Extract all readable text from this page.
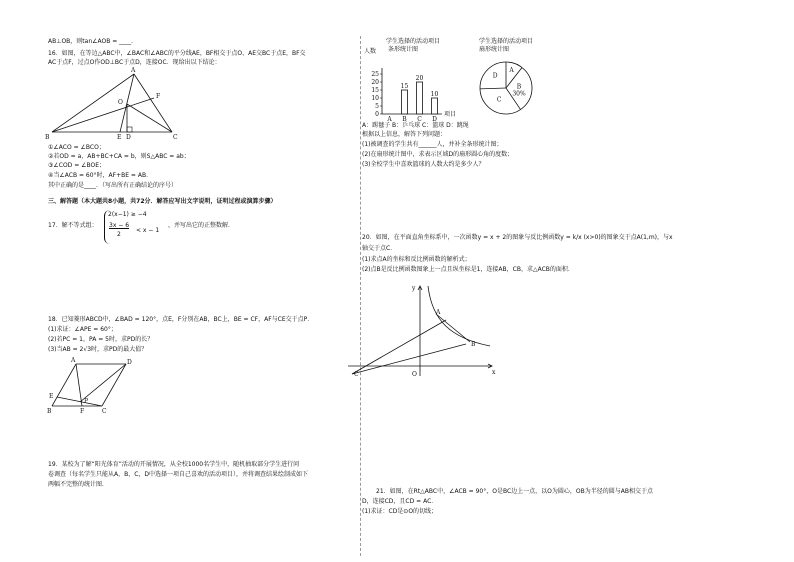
AB⊥OB，则tan∠AOB = ____.
16．如图，在等边△ABC中，∠BAC和∠ABC的平分线AE，BF相交于点O，AE交BC于点E，BF交
AC于点F，过点O作OD⊥BC于点D，连接OC．现给出以下结论：
A
B	C
O
F
E D
①∠ACO = ∠BCO；
②若OD = a，AB+BC+CA = b，则S△ABC = ab；
③∠COD = ∠BOE；
④当∠ACB = 60°时，AF+BE = AB．
其中正确的是____．（写出所有正确结论的序号）
三、解答题（本大题共8小题，共72分．解答应写出文字说明，证明过程或演算步骤）
17．解不等式组：
2(x−1) ≥ −4
3x − 6
2
< x − 1
，并写出它的正整数解．
18．已知菱形ABCD中，∠BAD = 120°，点E，F分别在AB，BC上，BE = CF，AF与CE交于点P．
(1)求证：∠APE = 60°；
(2)若PC = 1，PA = 5时，求PD的长？
(3)当AB = 2√3时，求PD的最大值？
A	D
B	C
E
F
P
19．某校为了解“阳光体育”活动的开展情况，从全校1000名学生中，随机抽取部分学生进行问
卷调查（每名学生只能从A，B，C，D中选择一项自己喜欢的活动项目），并将调查结果绘制成如下
两幅不完整的统计图．
学生选择的活动项目
条形统计图
人数
项目
0
5
10
15
20
25
A B
15
C
20
D
10
学生选择的活动项目
扇形统计图
A
B
30%
C
D
A：踢毽子 B：乒乓球 C：篮球 D：跳绳
根据以上信息，解答下列问题：
(1)被调查的学生共有______人，并补全条形统计图；
(2)在扇形统计图中，求表示区域D的扇形圆心角的度数；
(3)全校学生中喜欢篮球的人数大约是多少人？
20．如图，在平面直角坐标系中，一次函数y = x + 2的图象与反比例函数y = k/x (x>0)的图象交于点A(1,m)，与x
轴交于点C．
(1)求点A的坐标和反比例函数的解析式；
(2)点B是反比例函数图象上一点且纵坐标是1，连接AB，CB，求△ACB的面积．
y
x
A
B
C	O
21．如图，在Rt△ABC中，∠ACB = 90°，O是BC边上一点，以O为圆心，OB为半径的圆与AB相交于点
D，连接CD，且CD = AC．
(1)求证：CD是⊙O的切线；
